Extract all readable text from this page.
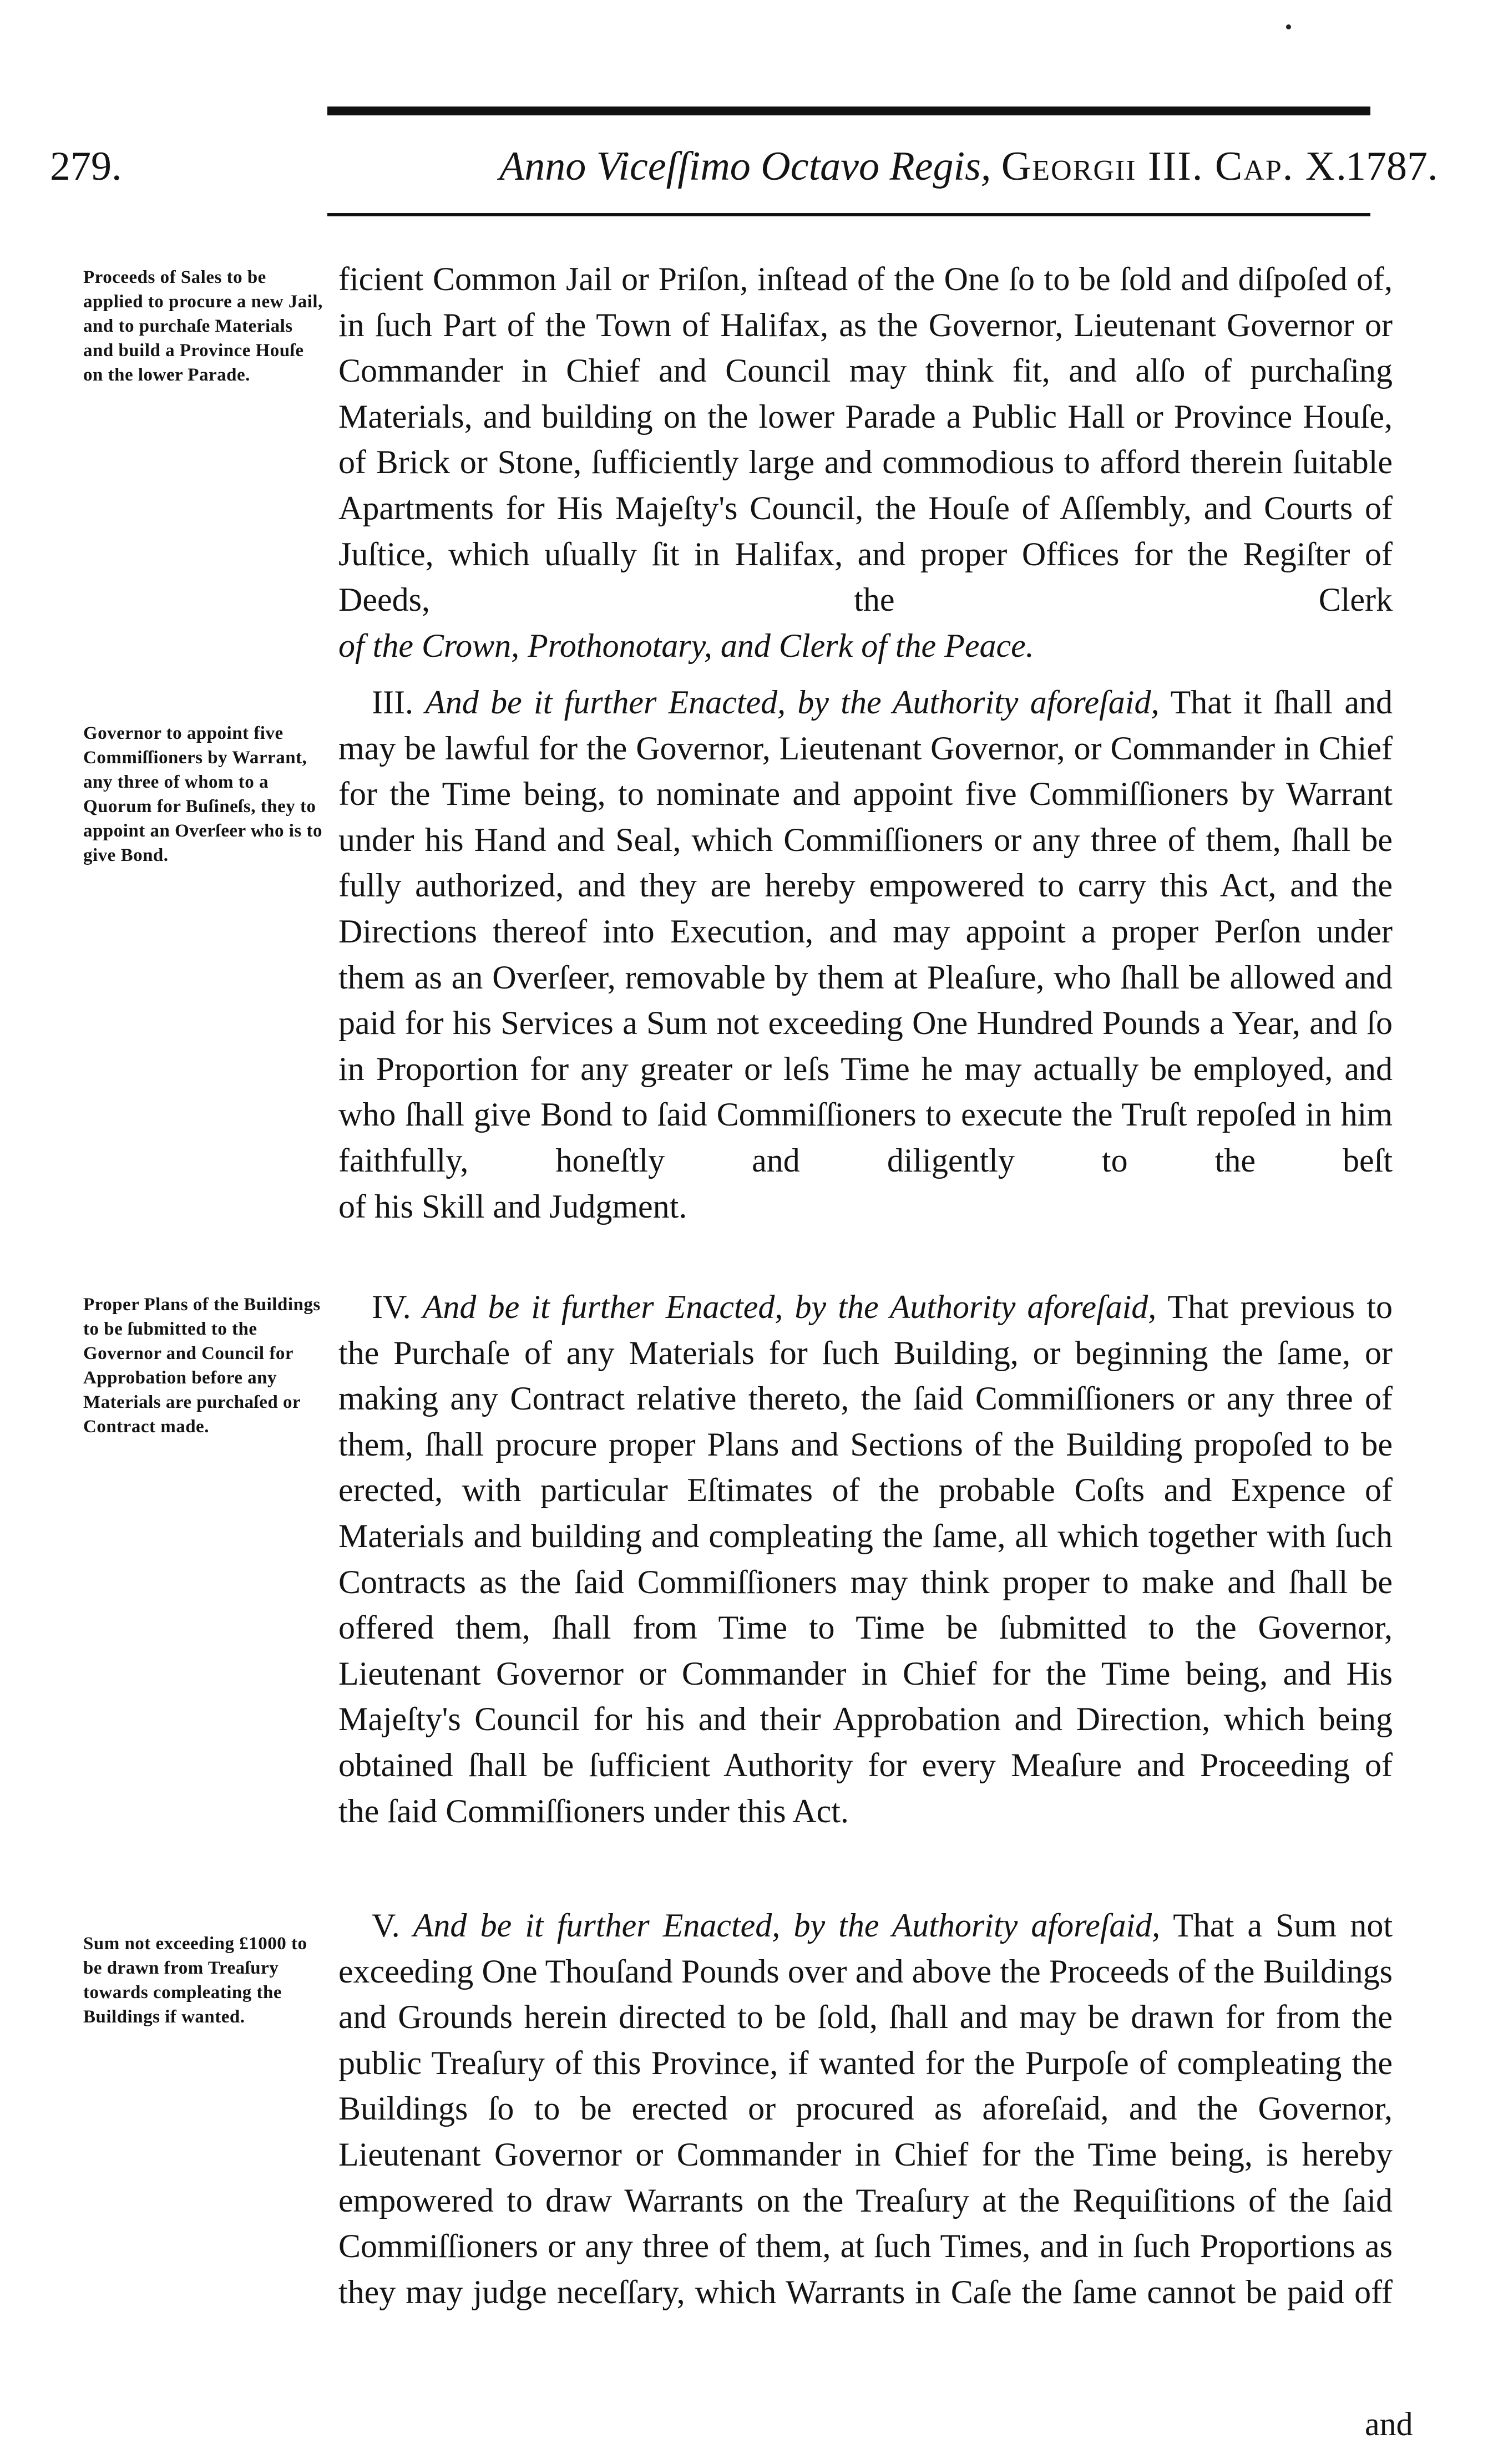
279.	Anno Viceſſimo Octavo Regis, Georgii III. Cap. X.
1787.
ficient Common Jail or Priſon, inſtead of the One ſo to be ſold and diſpoſed of, in ſuch Part of the Town of Halifax, as the Governor, Lieutenant Governor or Commander in Chief and Council may think fit, and alſo of purchaſing Materials, and building on the lower Parade a Public Hall or Province Houſe, of Brick or Stone, ſufficiently large and commodious to afford therein ſuitable Apartments for His Majeſty's Council, the Houſe of Aſſembly, and Courts of Juſtice, which uſually ſit in Halifax, and proper Offices for the Regiſter of Deeds, the Clerk
of the Crown, Prothonotary, and Clerk of the Peace.
III. And be it further Enacted, by the Authority aforeſaid, That it ſhall and may be lawful for the Governor, Lieutenant Governor, or Commander in Chief for the Time being, to nominate and appoint five Commiſſioners by Warrant under his Hand and Seal, which Commiſſioners or any three of them, ſhall be fully authorized, and they are hereby empowered to carry this Act, and the Directions thereof into Execution, and may appoint a proper Perſon under them as an Overſeer, removable by them at Pleaſure, who ſhall be allowed and paid for his Services a Sum not exceeding One Hundred Pounds a Year, and ſo in Proportion for any greater or leſs Time he may actually be employed, and who ſhall give Bond to ſaid Commiſſioners to execute the Truſt repoſed in him faithfully, honeſtly and diligently to the beſt
of his Skill and Judgment.
IV. And be it further Enacted, by the Authority aforeſaid, That previous to the Purchaſe of any Materials for ſuch Building, or beginning the ſame, or making any Contract relative thereto, the ſaid Commiſſioners or any three of them, ſhall procure proper Plans and Sections of the Building propoſed to be erected, with particular Eſtimates of the probable Coſts and Expence of Materials and building and compleating the ſame, all which together with ſuch Contracts as the ſaid Commiſſioners may think proper to make and ſhall be offered them, ſhall from Time to Time be ſubmitted to the Governor, Lieutenant Governor or Commander in Chief for the Time being, and His Majeſty's Council for his and their Approbation and Direction, which being obtained ſhall be ſufficient Authority for every Meaſure and Proceeding of
the ſaid Commiſſioners under this Act.
V. And be it further Enacted, by the Authority aforeſaid, That a Sum not exceeding One Thouſand Pounds over and above the Proceeds of the Buildings and Grounds herein directed to be ſold, ſhall and may be drawn for from the public Treaſury of this Province, if wanted for the Purpoſe of compleating the Buildings ſo to be erected or procured as aforeſaid, and the Governor, Lieutenant Governor or Commander in Chief for the Time being, is hereby empowered to draw Warrants on the Treaſury at the Requiſitions of the ſaid Commiſſioners or any three of them, at ſuch Times, and in ſuch Proportions as they may judge neceſſary, which Warrants in Caſe the ſame cannot be paid off
Proceeds of Sales to be applied to procure a new Jail, and to purchaſe Materials and build a Province Houſe on the lower Parade.
Governor to appoint five Commiſſioners by Warrant, any three of whom to a Quorum for Buſineſs, they to appoint an Overſeer who is to give Bond.
Proper Plans of the Buildings to be ſubmitted to the Governor and Council for Approbation before any Materials are purchaſed or Contract made.
Sum not exceeding £1000 to be drawn from Treaſury towards compleating the Buildings if wanted.
and
